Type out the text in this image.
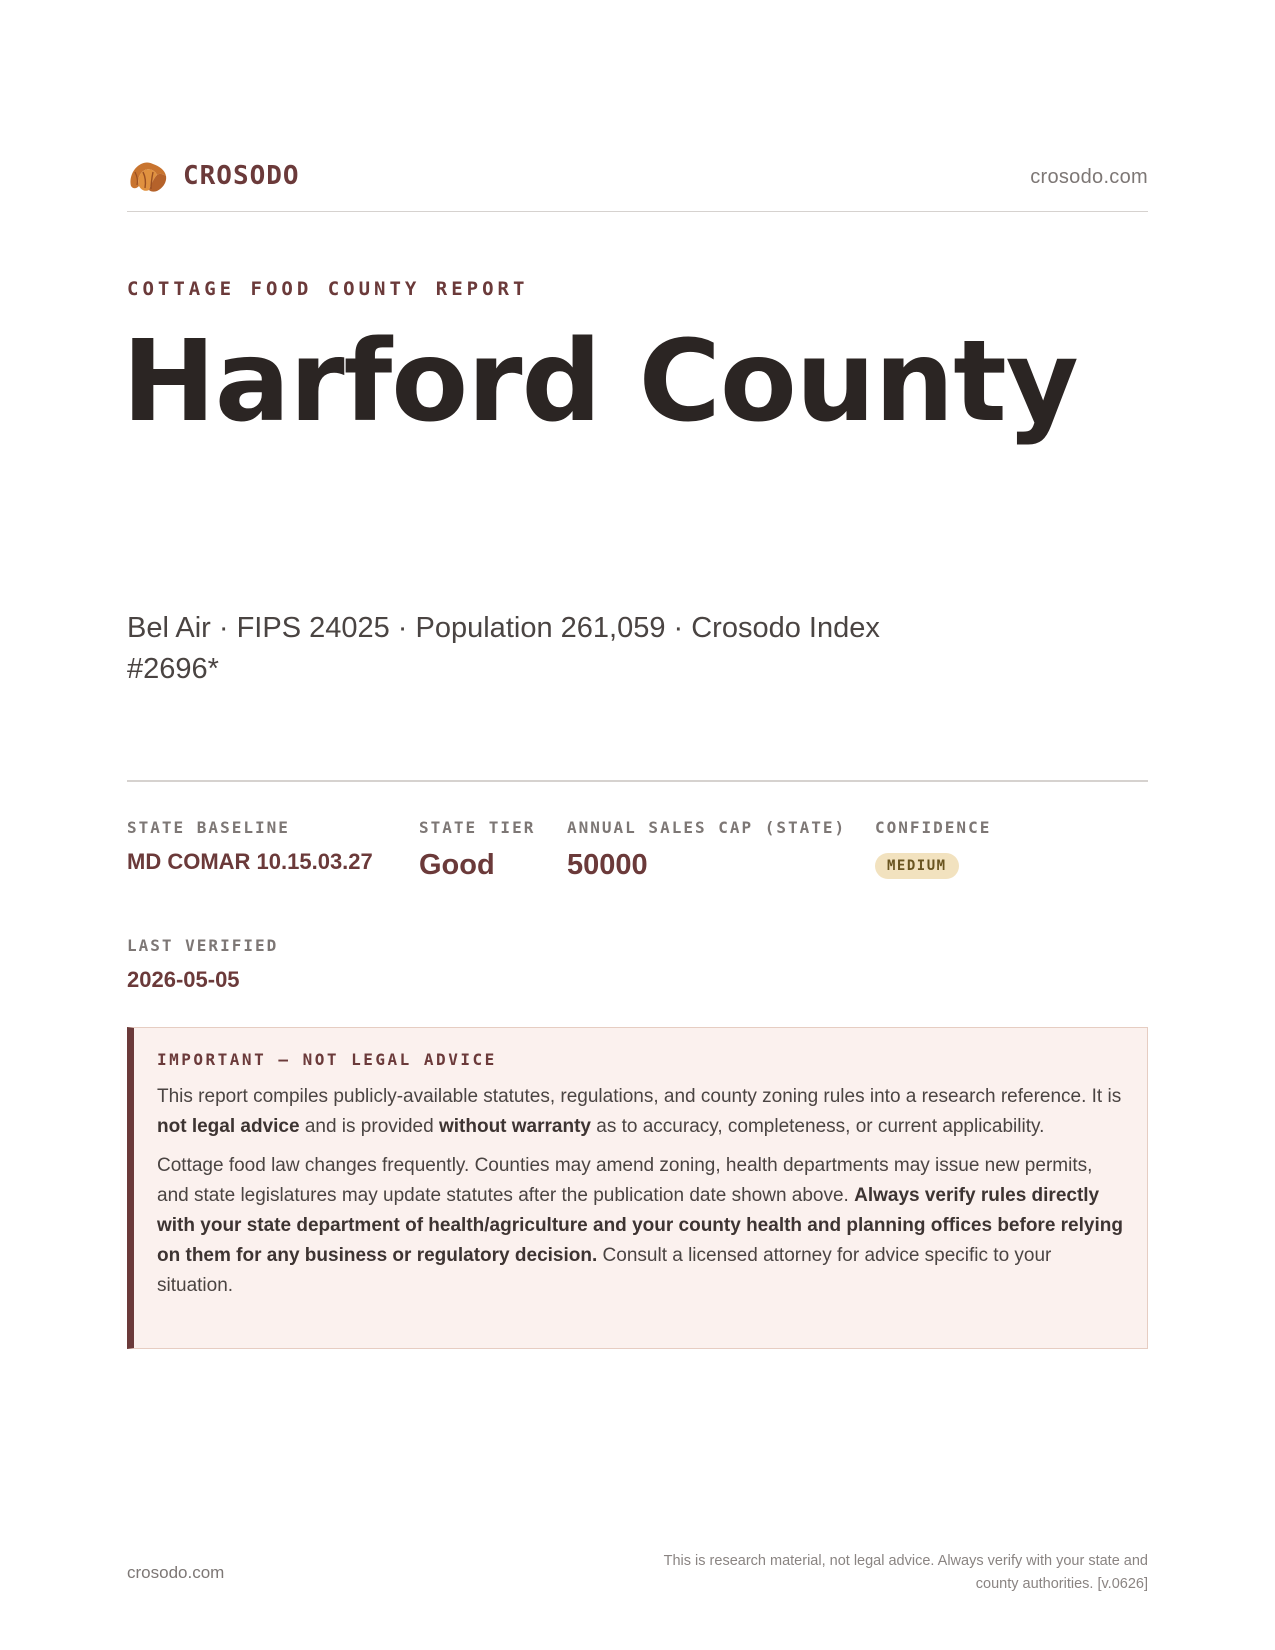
CROSODO	crosodo.com
COTTAGE FOOD COUNTY REPORT
Harford County
Bel Air · FIPS 24025 · Population 261,059 · Crosodo Index #2696*
STATE BASELINE
MD COMAR 10.15.03.27
STATE TIER
Good
ANNUAL SALES CAP (STATE)
50000
CONFIDENCE
MEDIUM
LAST VERIFIED
2026-05-05
IMPORTANT — NOT LEGAL ADVICE

This report compiles publicly-available statutes, regulations, and county zoning rules into a research reference. It is not legal advice and is provided without warranty as to accuracy, completeness, or current applicability.

Cottage food law changes frequently. Counties may amend zoning, health departments may issue new permits, and state legislatures may update statutes after the publication date shown above. Always verify rules directly with your state department of health/agriculture and your county health and planning offices before relying on them for any business or regulatory decision. Consult a licensed attorney for advice specific to your situation.

crosodo.com
This is research material, not legal advice. Always verify with your state and county authorities. [v.0626]
